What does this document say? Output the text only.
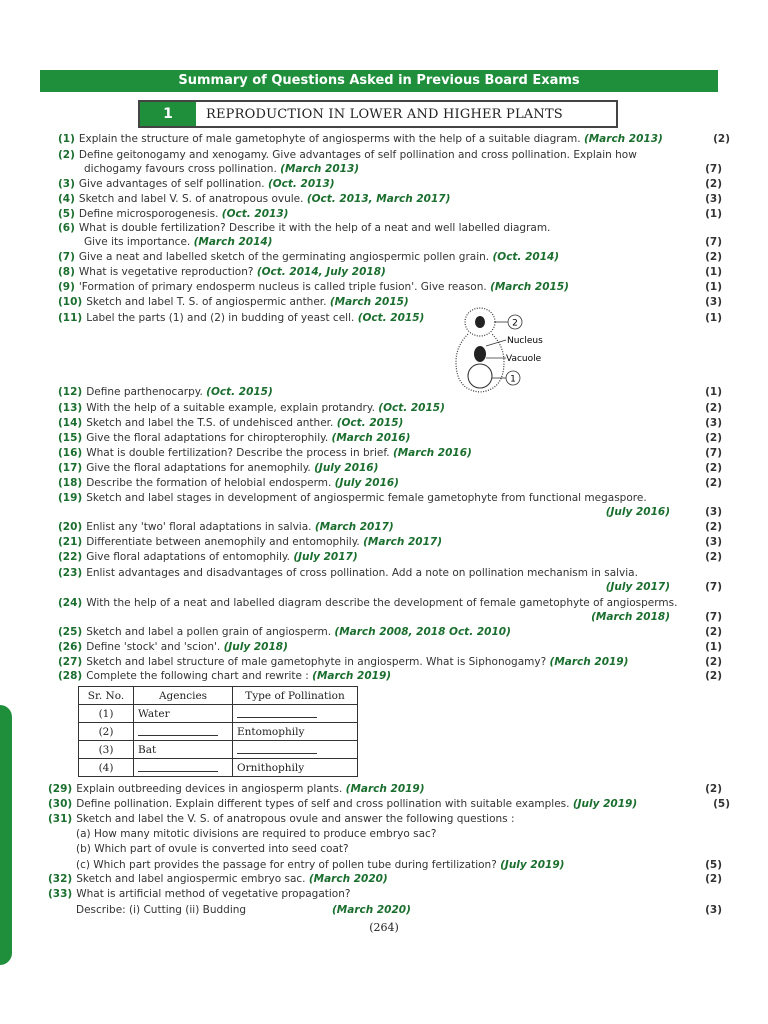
Summary of Questions Asked in Previous Board Exams
1	REPRODUCTION IN LOWER AND HIGHER PLANTS
(1) Explain the structure of male gametophyte of angiosperms with the help of a suitable diagram. (March 2013)	(2)
(2) Define geitonogamy and xenogamy. Give advantages of self pollination and cross pollination. Explain how
dichogamy favours cross pollination. (March 2013)	(7)
(3) Give advantages of self pollination. (Oct. 2013)	(2)
(4) Sketch and label V. S. of anatropous ovule. (Oct. 2013, March 2017)	(3)
(5) Define microsporogenesis. (Oct. 2013)	(1)
(6) What is double fertilization? Describe it with the help of a neat and well labelled diagram.
Give its importance. (March 2014)	(7)
(7) Give a neat and labelled sketch of the germinating angiospermic pollen grain. (Oct. 2014)	(2)
(8) What is vegetative reproduction? (Oct. 2014, July 2018)	(1)
(9) 'Formation of primary endosperm nucleus is called triple fusion'. Give reason. (March 2015)	(1)
(10) Sketch and label T. S. of angiospermic anther. (March 2015)	(3)
(11) Label the parts (1) and (2) in budding of yeast cell. (Oct. 2015)	(1)
2
Nucleus
Vacuole
1
(12) Define parthenocarpy. (Oct. 2015)	(1)
(13) With the help of a suitable example, explain protandry. (Oct. 2015)	(2)
(14) Sketch and label the T.S. of undehisced anther. (Oct. 2015)	(3)
(15) Give the floral adaptations for chiropterophily. (March 2016)	(2)
(16) What is double fertilization? Describe the process in brief. (March 2016)	(7)
(17) Give the floral adaptations for anemophily. (July 2016)	(2)
(18) Describe the formation of helobial endosperm. (July 2016)	(2)
(19) Sketch and label stages in development of angiospermic female gametophyte from functional megaspore.
(July 2016)	(3)
(20) Enlist any 'two' floral adaptations in salvia. (March 2017)	(2)
(21) Differentiate between anemophily and entomophily. (March 2017)	(3)
(22) Give floral adaptations of entomophily. (July 2017)	(2)
(23) Enlist advantages and disadvantages of cross pollination. Add a note on pollination mechanism in salvia.
(July 2017)	(7)
(24) With the help of a neat and labelled diagram describe the development of female gametophyte of angiosperms.
(March 2018)	(7)
(25) Sketch and label a pollen grain of angiosperm. (March 2008, 2018 Oct. 2010)	(2)
(26) Define 'stock' and 'scion'. (July 2018)	(1)
(27) Sketch and label structure of male gametophyte in angiosperm. What is Siphonogamy? (March 2019)	(2)
(28) Complete the following chart and rewrite : (March 2019)	(2)
Sr. No.	Agencies	Type of Pollination
(1)	Water	
(2)		Entomophily
(3)	Bat	
(4)		Ornithophily
(29) Explain outbreeding devices in angiosperm plants. (March 2019)	(2)
(30) Define pollination. Explain different types of self and cross pollination with suitable examples. (July 2019)	(5)
(31) Sketch and label the V. S. of anatropous ovule and answer the following questions :
(a) How many mitotic divisions are required to produce embryo sac?
(b) Which part of ovule is converted into seed coat?
(c) Which part provides the passage for entry of pollen tube during fertilization? (July 2019)	(5)
(32) Sketch and label angiospermic embryo sac. (March 2020)	(2)
(33) What is artificial method of vegetative propagation?
Describe: (i) Cutting (ii) Budding	(March 2020)	(3)
(264)
